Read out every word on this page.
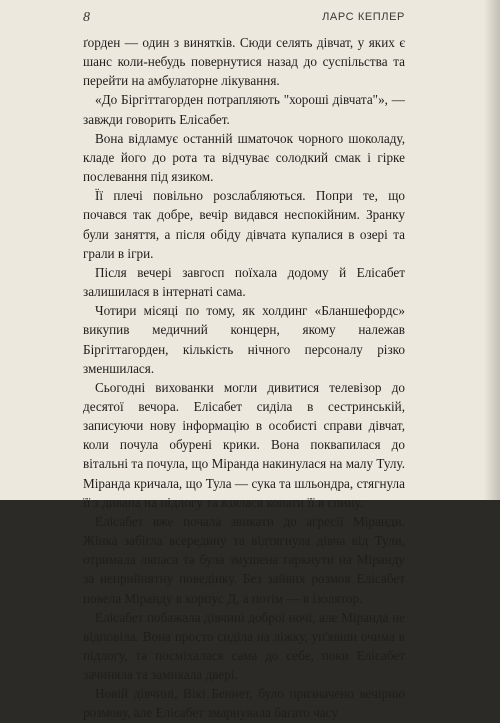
8	ЛАРС КЕПЛЕР

ґорден — один з винятків. Сюди селять дівчат, у яких є шанс коли-небудь повернутися назад до суспільства та перейти на амбулаторне лікування.

«До Біргіттагорден потрапляють "хороші дівчата"», — завжди говорить Елісабет.

Вона відламує останній шматочок чорного шоколаду, кладе його до рота та відчуває солодкий смак і гірке послевання під язиком.

Її плечі повільно розслабляються. Попри те, що почався так добре, вечір видався неспокійним. Зранку були заняття, а після обіду дівчата купалися в озері та грали в ігри.

Після вечері завгосп поїхала додому й Елісабет залишилася в інтернаті сама.

Чотири місяці по тому, як холдинг «Бланшефордс» викупив медичний концерн, якому належав Біргіттагорден, кількість нічного персоналу різко зменшилася.

Сьогодні вихованки могли дивитися телевізор до десятої вечора. Елісабет сиділа в сестринській, записуючи нову інформацію в особисті справи дівчат, коли почула обурені крики. Вона поквапилася до вітальні та почула, що Міранда накинулася на малу Тулу. Міранда кричала, що Тула — сука та шльондра, стягнула її з дивана на підлогу та взялася копати її в спину.

Елісабет вже почала звикати до агресії Міранди. Жінка забігла всередину та відтягнула дівча від Тули, отримала ляпаса та була змушена гаркнути на Міранду за неприйнятну поведінку. Без зайвих розмов Елісабет повела Міранду в корпус Д, а потім — в ізолятор.

Елісабет побажала дівчині доброї ночі, але Міранда не відповіла. Вона просто сиділа на ліжку, уп'явши очима в підлогу, та посміхалася сама до себе, поки Елісабет зачиняла та замикала двері.

Новій дівчині, Вікі Беннет, було призначено вечірню розмову, але Елісабет змарнувала багато часу
